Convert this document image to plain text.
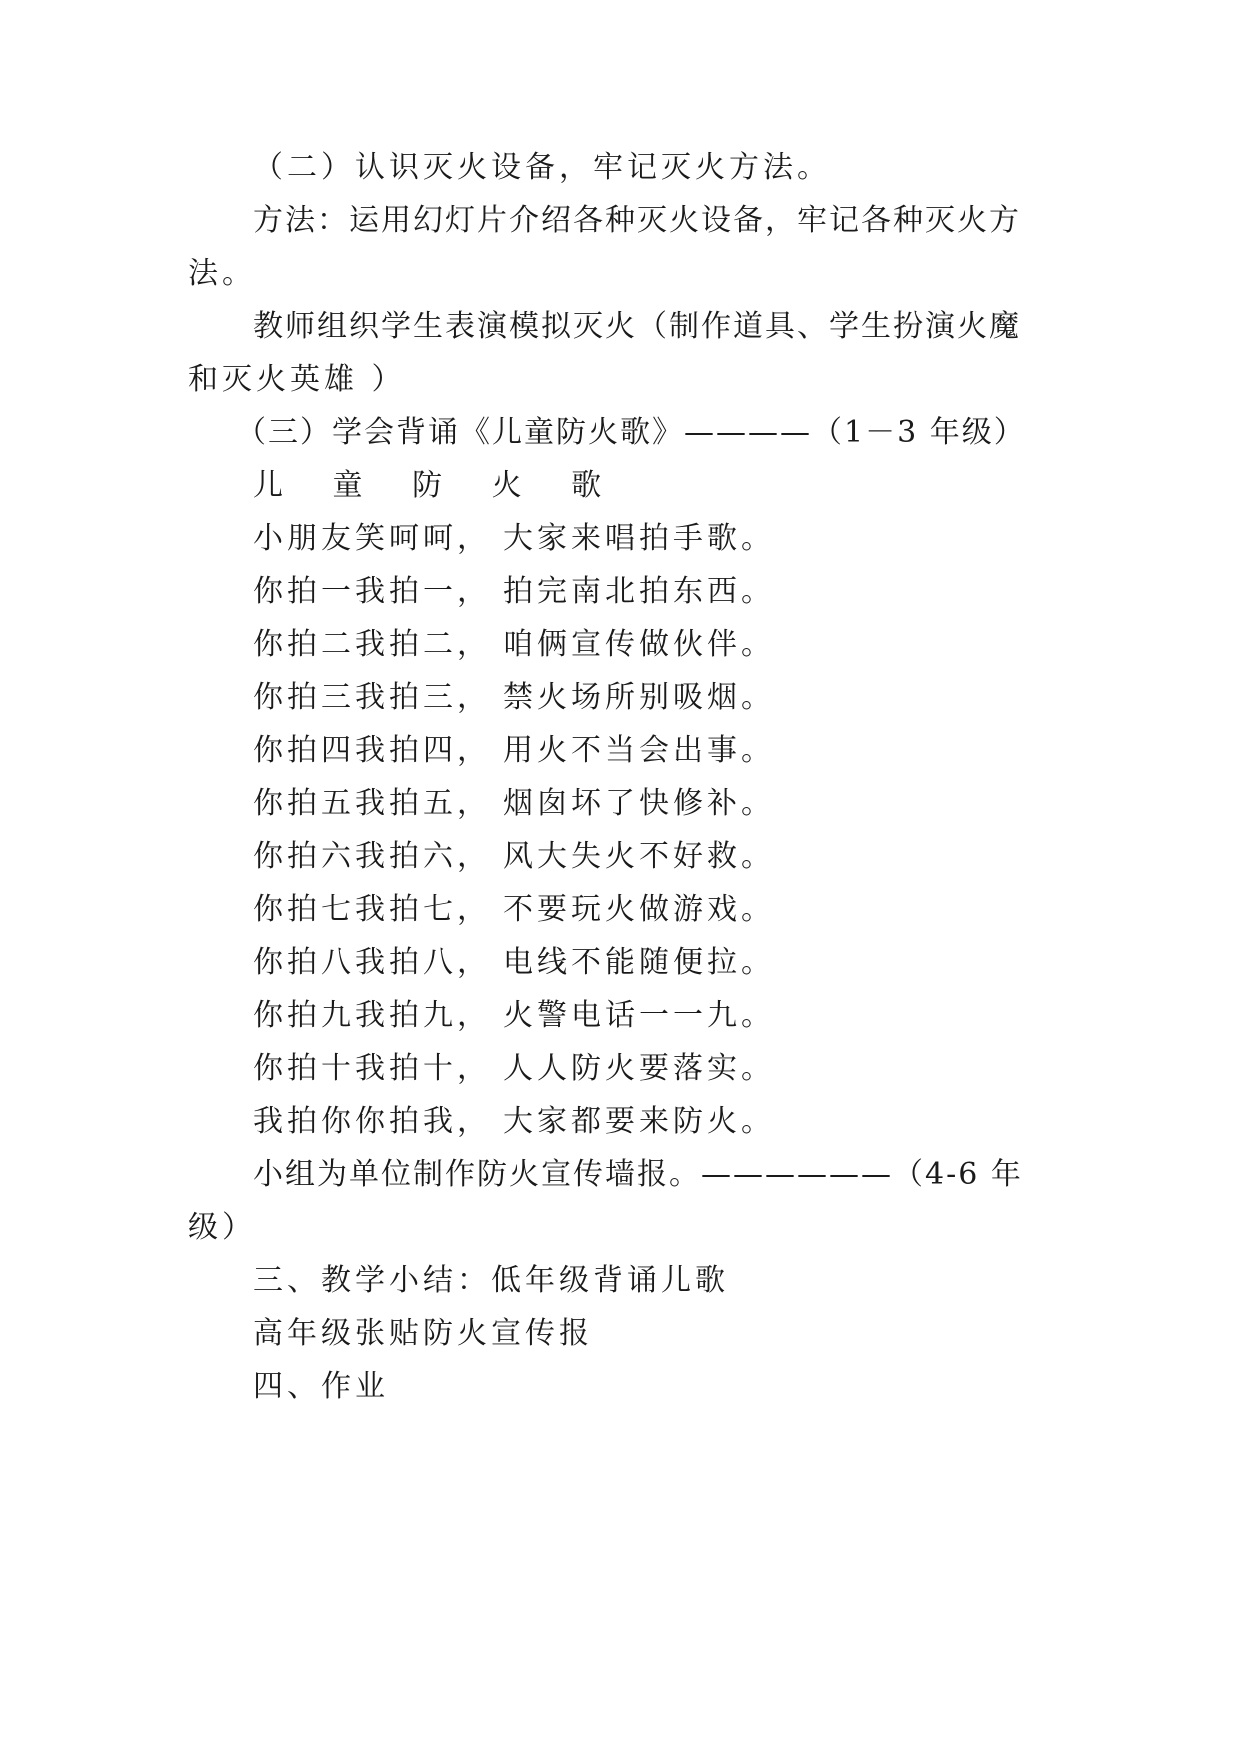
（二）认识灭火设备，牢记灭火方法。
方法：运用幻灯片介绍各种灭火设备，牢记各种灭火方
法。
教师组织学生表演模拟灭火（制作道具、学生扮演火魔
和灭火英雄 ）
（三）学会背诵《儿童防火歌》————（1－3 年级）
儿 童 防 火 歌
小朋友笑呵呵， 大家来唱拍手歌。
你拍一我拍一， 拍完南北拍东西。
你拍二我拍二， 咱俩宣传做伙伴。
你拍三我拍三， 禁火场所别吸烟。
你拍四我拍四， 用火不当会出事。
你拍五我拍五， 烟囱坏了快修补。
你拍六我拍六， 风大失火不好救。
你拍七我拍七， 不要玩火做游戏。
你拍八我拍八， 电线不能随便拉。
你拍九我拍九， 火警电话一一九。
你拍十我拍十， 人人防火要落实。
我拍你你拍我， 大家都要来防火。
小组为单位制作防火宣传墙报。——————（4-6 年
级）
三、教学小结：低年级背诵儿歌
高年级张贴防火宣传报
四、作业
